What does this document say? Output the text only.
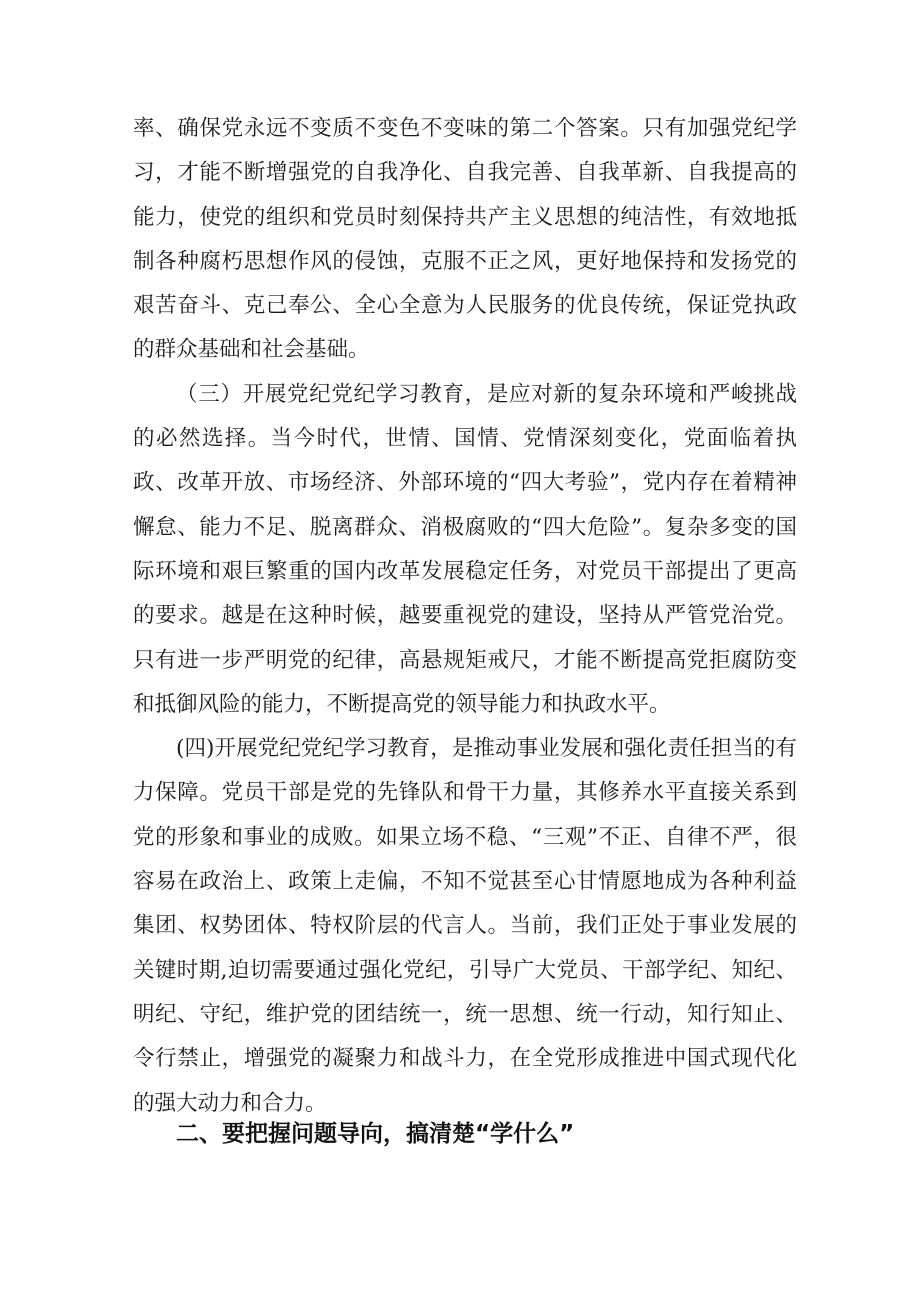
率、确保党永远不变质不变色不变味的第二个答案。只有加强党纪学习，才能不断增强党的自我净化、自我完善、自我革新、自我提高的能力，使党的组织和党员时刻保持共产主义思想的纯洁性，有效地抵制各种腐朽思想作风的侵蚀，克服不正之风，更好地保持和发扬党的艰苦奋斗、克己奉公、全心全意为人民服务的优良传统，保证党执政的群众基础和社会基础。

（三）开展党纪党纪学习教育，是应对新的复杂环境和严峻挑战的必然选择。当今时代，世情、国情、党情深刻变化，党面临着执政、改革开放、市场经济、外部环境的“四大考验”，党内存在着精神懈怠、能力不足、脱离群众、消极腐败的“四大危险”。复杂多变的国际环境和艰巨繁重的国内改革发展稳定任务，对党员干部提出了更高的要求。越是在这种时候，越要重视党的建设，坚持从严管党治党。只有进一步严明党的纪律，高悬规矩戒尺，才能不断提高党拒腐防变和抵御风险的能力，不断提高党的领导能力和执政水平。

(四)开展党纪党纪学习教育，是推动事业发展和强化责任担当的有力保障。党员干部是党的先锋队和骨干力量，其修养水平直接关系到党的形象和事业的成败。如果立场不稳、“三观”不正、自律不严，很容易在政治上、政策上走偏，不知不觉甚至心甘情愿地成为各种利益集团、权势团体、特权阶层的代言人。当前，我们正处于事业发展的关键时期,迫切需要通过强化党纪，引导广大党员、干部学纪、知纪、明纪、守纪，维护党的团结统一，统一思想、统一行动，知行知止、令行禁止，增强党的凝聚力和战斗力，在全党形成推进中国式现代化的强大动力和合力。

二、要把握问题导向，搞清楚“学什么”
